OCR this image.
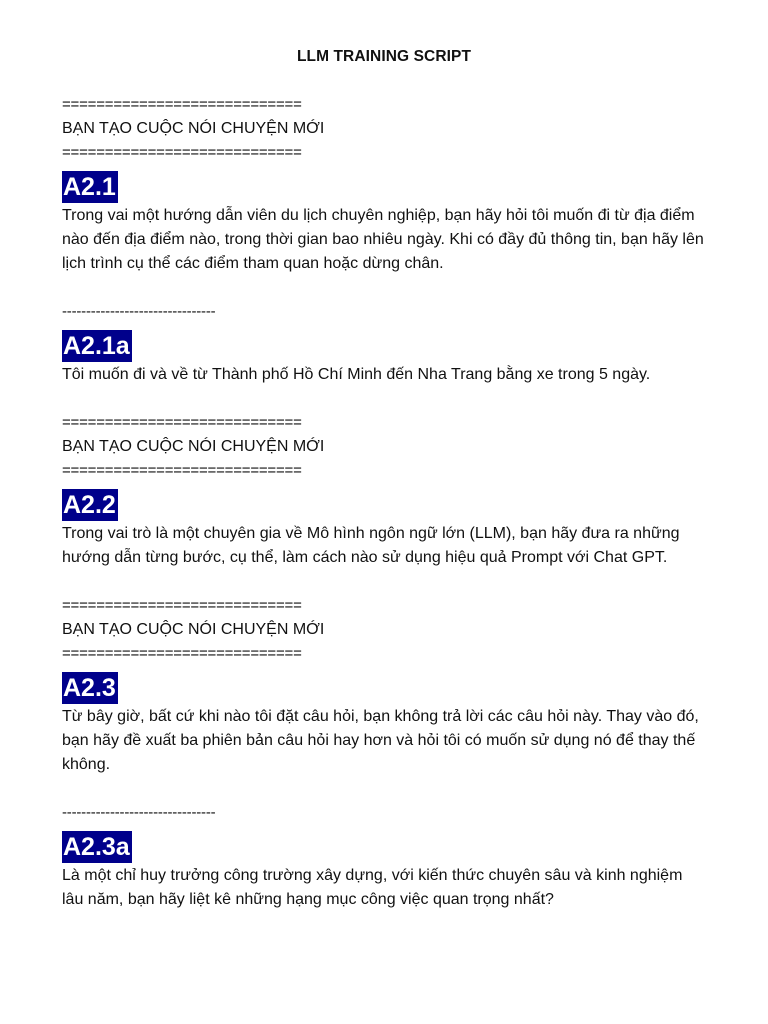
LLM TRAINING SCRIPT
============================
BẠN TẠO CUỘC NÓI CHUYỆN MỚI
============================
A2.1

Trong vai một hướng dẫn viên du lịch chuyên nghiệp, bạn hãy hỏi tôi muốn đi từ địa điểm nào đến địa điểm nào, trong thời gian bao nhiêu ngày. Khi có đầy đủ thông tin, bạn hãy lên lịch trình cụ thể các điểm tham quan hoặc dừng chân.

--------------------------------
A2.1a

Tôi muốn đi và về từ Thành phố Hồ Chí Minh đến Nha Trang bằng xe trong 5 ngày.

============================
BẠN TẠO CUỘC NÓI CHUYỆN MỚI
============================
A2.2

Trong vai trò là một chuyên gia về Mô hình ngôn ngữ lớn (LLM), bạn hãy đưa ra những hướng dẫn từng bước, cụ thể, làm cách nào sử dụng hiệu quả Prompt với Chat GPT.

============================
BẠN TẠO CUỘC NÓI CHUYỆN MỚI
============================
A2.3

Từ bây giờ, bất cứ khi nào tôi đặt câu hỏi, bạn không trả lời các câu hỏi này. Thay vào đó, bạn hãy đề xuất ba phiên bản câu hỏi hay hơn và hỏi tôi có muốn sử dụng nó để thay thế không.

--------------------------------
A2.3a

Là một chỉ huy trưởng công trường xây dựng, với kiến thức chuyên sâu và kinh nghiệm lâu năm, bạn hãy liệt kê những hạng mục công việc quan trọng nhất?
